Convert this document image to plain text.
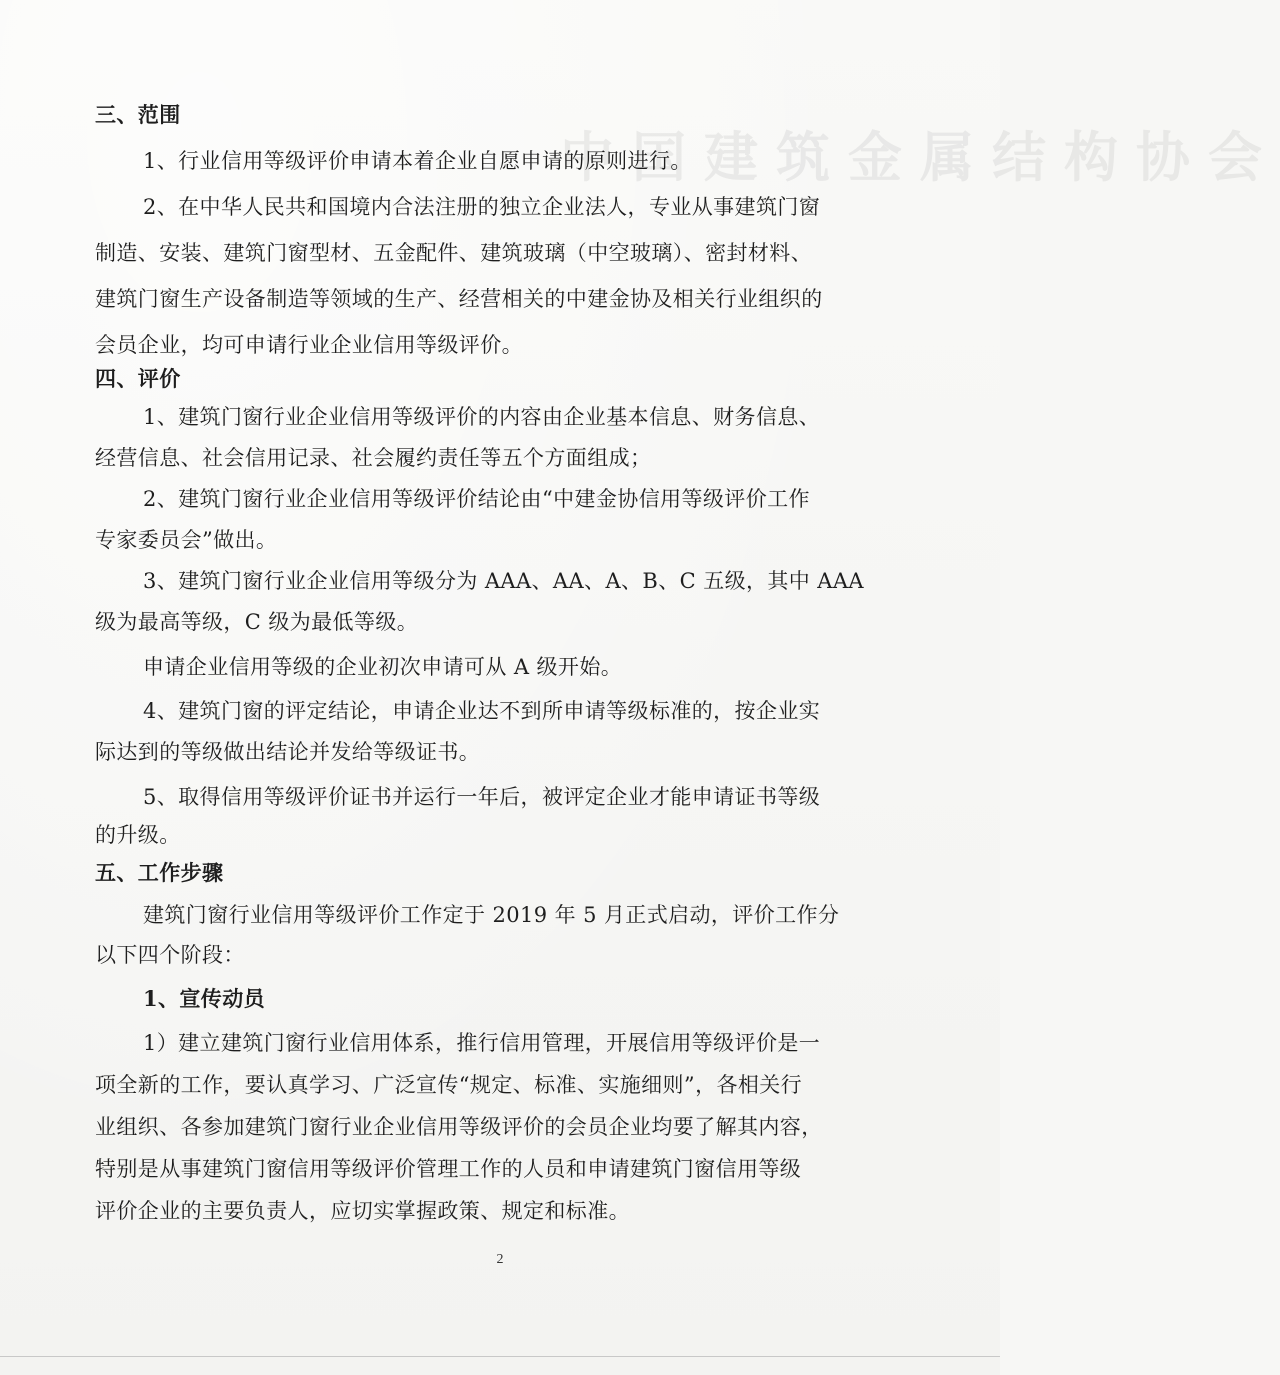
中国建筑金属结构协会
三、范围
1、行业信用等级评价申请本着企业自愿申请的原则进行。
2、在中华人民共和国境内合法注册的独立企业法人，专业从事建筑门窗
制造、安装、建筑门窗型材、五金配件、建筑玻璃（中空玻璃）、密封材料、
建筑门窗生产设备制造等领域的生产、经营相关的中建金协及相关行业组织的
会员企业，均可申请行业企业信用等级评价。
四、评价
1、建筑门窗行业企业信用等级评价的内容由企业基本信息、财务信息、
经营信息、社会信用记录、社会履约责任等五个方面组成；
2、建筑门窗行业企业信用等级评价结论由“中建金协信用等级评价工作
专家委员会”做出。
3、建筑门窗行业企业信用等级分为 AAA、AA、A、B、C 五级，其中 AAA
级为最高等级，C 级为最低等级。
申请企业信用等级的企业初次申请可从 A 级开始。
4、建筑门窗的评定结论，申请企业达不到所申请等级标准的，按企业实
际达到的等级做出结论并发给等级证书。
5、取得信用等级评价证书并运行一年后，被评定企业才能申请证书等级
的升级。
五、工作步骤
建筑门窗行业信用等级评价工作定于 2019 年 5 月正式启动，评价工作分
以下四个阶段：
1、宣传动员
1）建立建筑门窗行业信用体系，推行信用管理，开展信用等级评价是一
项全新的工作，要认真学习、广泛宣传“规定、标准、实施细则”，各相关行
业组织、各参加建筑门窗行业企业信用等级评价的会员企业均要了解其内容，
特别是从事建筑门窗信用等级评价管理工作的人员和申请建筑门窗信用等级
评价企业的主要负责人，应切实掌握政策、规定和标准。
2
